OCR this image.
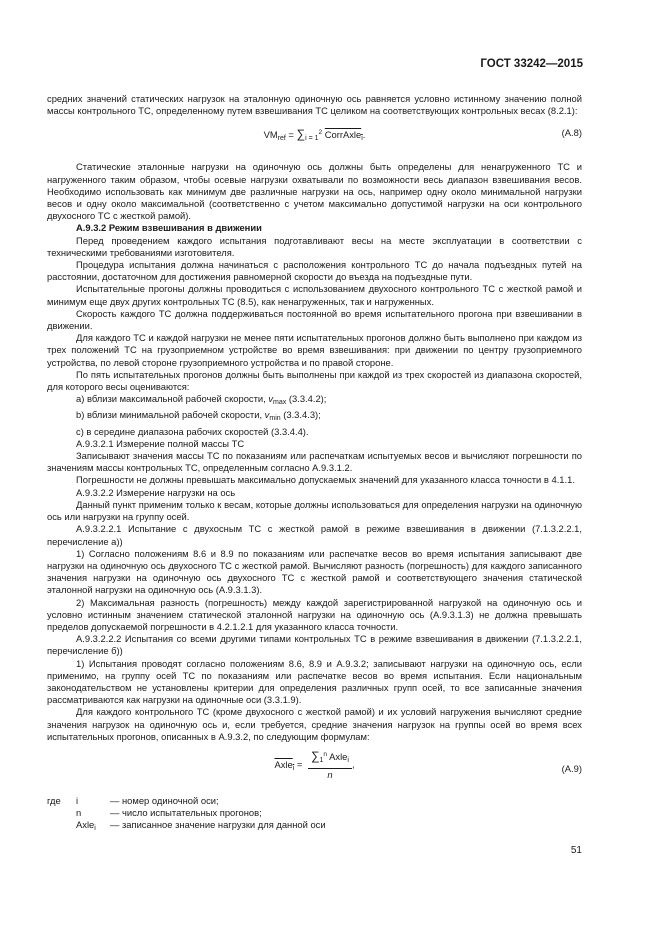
ГОСТ 33242—2015

средних значений статических нагрузок на эталонную одиночную ось равняется условно истинному значению полной массы контрольного ТС, определенному путем взвешивания ТС целиком на соответствующих контрольных весах (8.2.1):

$VM_{ref} = \sum_{i = 1}^2$ CorrAxle$_i$.	(A.8)

Статические эталонные нагрузки на одиночную ось должны быть определены для ненагруженного ТС и нагруженного таким образом, чтобы осевые нагрузки охватывали по возможности весь диапазон взвешивания весов. Необходимо использовать как минимум две различные нагрузки на ось, например одну около минимальной нагрузки весов и одну около максимальной (соответственно с учетом максимально допустимой нагрузки на оси контрольного двухосного ТС с жесткой рамой).

А.9.3.2 Режим взвешивания в движении

Перед проведением каждого испытания подготавливают весы на месте эксплуатации в соответствии с техническими требованиями изготовителя.

Процедура испытания должна начинаться с расположения контрольного ТС до начала подъездных путей на расстоянии, достаточном для достижения равномерной скорости до въезда на подъездные пути.

Испытательные прогоны должны проводиться с использованием двухосного контрольного ТС с жесткой рамой и минимум еще двух других контрольных ТС (8.5), как ненагруженных, так и нагруженных.

Скорость каждого ТС должна поддерживаться постоянной во время испытательного прогона при взвешивании в движении.

Для каждого ТС и каждой нагрузки не менее пяти испытательных прогонов должно быть выполнено при каждом из трех положений ТС на грузоприемном устройстве во время взвешивания: при движении по центру грузоприемного устройства, по левой стороне грузоприемного устройства и по правой стороне.

По пять испытательных прогонов должны быть выполнены при каждой из трех скоростей из диапазона скоростей, для которого весы оцениваются:

а) вблизи максимальной рабочей скорости, $v_{max}$ (3.3.4.2);

b) вблизи минимальной рабочей скорости, $v_{min}$ (3.3.4.3);

c) в середине диапазона рабочих скоростей (3.3.4.4).

А.9.3.2.1 Измерение полной массы ТС

Записывают значения массы ТС по показаниям или распечаткам испытуемых весов и вычисляют погрешности по значениям массы контрольных ТС, определенным согласно А.9.3.1.2.

Погрешности не должны превышать максимально допускаемых значений для указанного класса точности в 4.1.1.

А.9.3.2.2 Измерение нагрузки на ось

Данный пункт применим только к весам, которые должны использоваться для определения нагрузки на одиночную ось или нагрузки на группу осей.

А.9.3.2.2.1 Испытание с двухосным ТС с жесткой рамой в режиме взвешивания в движении (7.1.3.2.2.1, перечисление а))

1) Согласно положениям 8.6 и 8.9 по показаниям или распечатке весов во время испытания записывают две нагрузки на одиночную ось двухосного ТС с жесткой рамой. Вычисляют разность (погрешность) для каждого записанного значения нагрузки на одиночную ось двухосного ТС с жесткой рамой и соответствующего значения статической эталонной нагрузки на одиночную ось (А.9.3.1.3).

2) Максимальная разность (погрешность) между каждой зарегистрированной нагрузкой на одиночную ось и условно истинным значением статической эталонной нагрузки на одиночную ось (А.9.3.1.3) не должна превышать пределов допускаемой погрешности в 4.2.1.2.1 для указанного класса точности.

А.9.3.2.2.2 Испытания со всеми другими типами контрольных ТС в режиме взвешивания в движении (7.1.3.2.2.1, перечисление б))

1) Испытания проводят согласно положениям 8.6, 8.9 и А.9.3.2; записывают нагрузки на одиночную ось, если применимо, на группу осей ТС по показаниям или распечатке весов во время испытания. Если национальным законодательством не установлены критерии для определения различных групп осей, то все записанные значения рассматриваются как нагрузки на одиночные оси (3.3.1.9).

Для каждого контрольного ТС (кроме двухосного с жесткой рамой) и их условий нагружения вычисляют средние значения нагрузок на одиночную ось и, если требуется, средние значения нагрузок на группы осей во время всех испытательных прогонов, описанных в А.9.3.2, по следующим формулам:

Axle$_i$ = $\frac{\sum_1^n Axle_i}{n}$ ,	(A.9)
где	i	— номер одиночной оси;
n	— число испытательных прогонов;
Axle$_i$	— записанное значение нагрузки для данной оси
51
